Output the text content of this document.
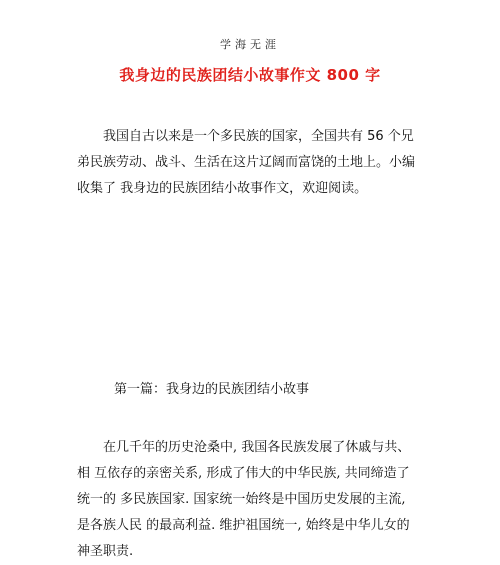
学海无涯
我身边的民族团结小故事作文 800 字
我国自古以来是一个多民族的国家，全国共有 56 个兄弟民族劳动、战斗、生活在这片辽阔而富饶的土地上。小编收集了 我身边的民族团结小故事作文，欢迎阅读。
第一篇：我身边的民族团结小故事
在几千年的历史沧桑中, 我国各民族发展了休戚与共、相 互依存的亲密关系, 形成了伟大的中华民族, 共同缔造了统一的 多民族国家. 国家统一始终是中国历史发展的主流, 是各族人民 的最高利益. 维护祖国统一, 始终是中华儿女的神圣职责.
